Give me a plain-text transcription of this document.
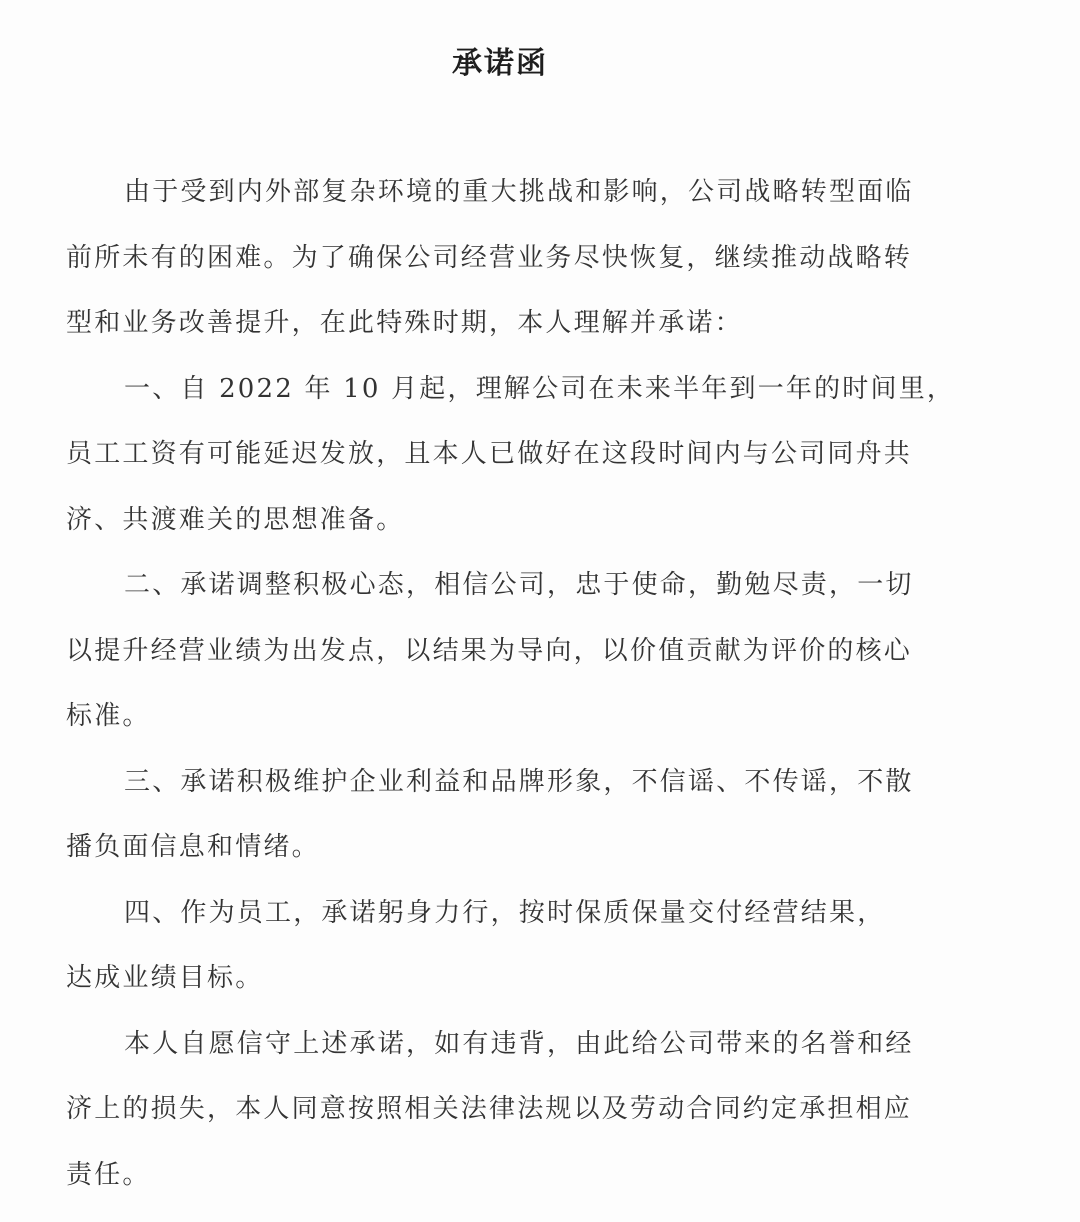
承诺函
由于受到内外部复杂环境的重大挑战和影响，公司战略转型面临
前所未有的困难。为了确保公司经营业务尽快恢复，继续推动战略转
型和业务改善提升，在此特殊时期，本人理解并承诺：
一、自 2022 年 10 月起，理解公司在未来半年到一年的时间里，
员工工资有可能延迟发放，且本人已做好在这段时间内与公司同舟共
济、共渡难关的思想准备。
二、承诺调整积极心态，相信公司，忠于使命，勤勉尽责，一切
以提升经营业绩为出发点，以结果为导向，以价值贡献为评价的核心
标准。
三、承诺积极维护企业利益和品牌形象，不信谣、不传谣，不散
播负面信息和情绪。
四、作为员工，承诺躬身力行，按时保质保量交付经营结果，
达成业绩目标。
本人自愿信守上述承诺，如有违背，由此给公司带来的名誉和经
济上的损失，本人同意按照相关法律法规以及劳动合同约定承担相应
责任。
